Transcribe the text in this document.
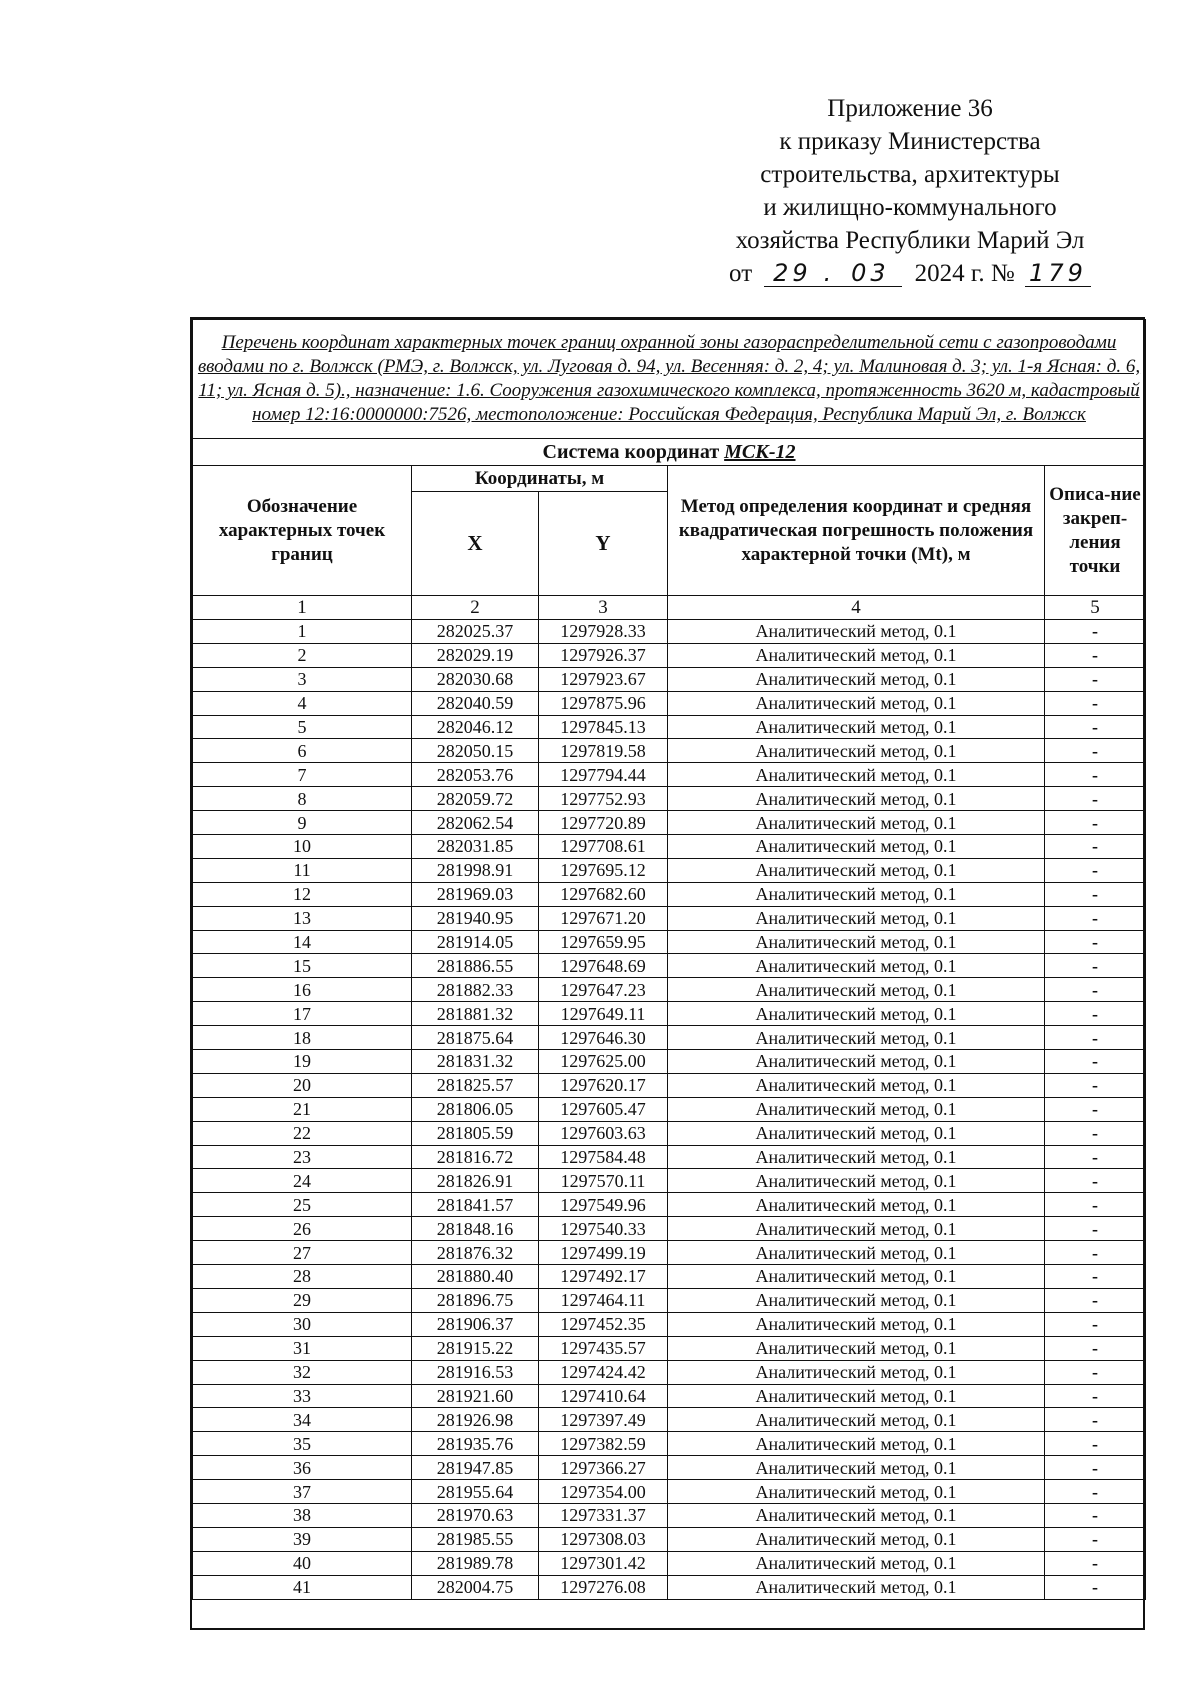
Приложение 36
к приказу Министерства
строительства, архитектуры
и жилищно-коммунального
хозяйства Республики Марий Эл
от 29 . 03 2024 г. № 179
Перечень координат характерных точек границ охранной зоны газораспределительной сети с газопроводами вводами по г. Волжск (РМЭ, г. Волжск, ул. Луговая д. 94, ул. Весенняя: д. 2, 4; ул. Малиновая д. 3; ул. 1-я Ясная: д. 6, 11; ул. Ясная д. 5)., назначение: 1.6. Сооружения газохимического комплекса, протяженность 3620 м, кадастровый номер 12:16:0000000:7526, местоположение: Российская Федерация, Республика Марий Эл, г. Волжск				
Система координат МСК-12				
Обозначение характерных точек границ	Координаты, м		Метод определения координат и средняя квадратическая погрешность положения характерной точки (Mt), м	Описа-ние закреп-ления точки
	X	Y		
1	2	3	4	5
1	282025.37	1297928.33	Аналитический метод, 0.1	-
2	282029.19	1297926.37	Аналитический метод, 0.1	-
3	282030.68	1297923.67	Аналитический метод, 0.1	-
4	282040.59	1297875.96	Аналитический метод, 0.1	-
5	282046.12	1297845.13	Аналитический метод, 0.1	-
6	282050.15	1297819.58	Аналитический метод, 0.1	-
7	282053.76	1297794.44	Аналитический метод, 0.1	-
8	282059.72	1297752.93	Аналитический метод, 0.1	-
9	282062.54	1297720.89	Аналитический метод, 0.1	-
10	282031.85	1297708.61	Аналитический метод, 0.1	-
11	281998.91	1297695.12	Аналитический метод, 0.1	-
12	281969.03	1297682.60	Аналитический метод, 0.1	-
13	281940.95	1297671.20	Аналитический метод, 0.1	-
14	281914.05	1297659.95	Аналитический метод, 0.1	-
15	281886.55	1297648.69	Аналитический метод, 0.1	-
16	281882.33	1297647.23	Аналитический метод, 0.1	-
17	281881.32	1297649.11	Аналитический метод, 0.1	-
18	281875.64	1297646.30	Аналитический метод, 0.1	-
19	281831.32	1297625.00	Аналитический метод, 0.1	-
20	281825.57	1297620.17	Аналитический метод, 0.1	-
21	281806.05	1297605.47	Аналитический метод, 0.1	-
22	281805.59	1297603.63	Аналитический метод, 0.1	-
23	281816.72	1297584.48	Аналитический метод, 0.1	-
24	281826.91	1297570.11	Аналитический метод, 0.1	-
25	281841.57	1297549.96	Аналитический метод, 0.1	-
26	281848.16	1297540.33	Аналитический метод, 0.1	-
27	281876.32	1297499.19	Аналитический метод, 0.1	-
28	281880.40	1297492.17	Аналитический метод, 0.1	-
29	281896.75	1297464.11	Аналитический метод, 0.1	-
30	281906.37	1297452.35	Аналитический метод, 0.1	-
31	281915.22	1297435.57	Аналитический метод, 0.1	-
32	281916.53	1297424.42	Аналитический метод, 0.1	-
33	281921.60	1297410.64	Аналитический метод, 0.1	-
34	281926.98	1297397.49	Аналитический метод, 0.1	-
35	281935.76	1297382.59	Аналитический метод, 0.1	-
36	281947.85	1297366.27	Аналитический метод, 0.1	-
37	281955.64	1297354.00	Аналитический метод, 0.1	-
38	281970.63	1297331.37	Аналитический метод, 0.1	-
39	281985.55	1297308.03	Аналитический метод, 0.1	-
40	281989.78	1297301.42	Аналитический метод, 0.1	-
41	282004.75	1297276.08	Аналитический метод, 0.1	-
